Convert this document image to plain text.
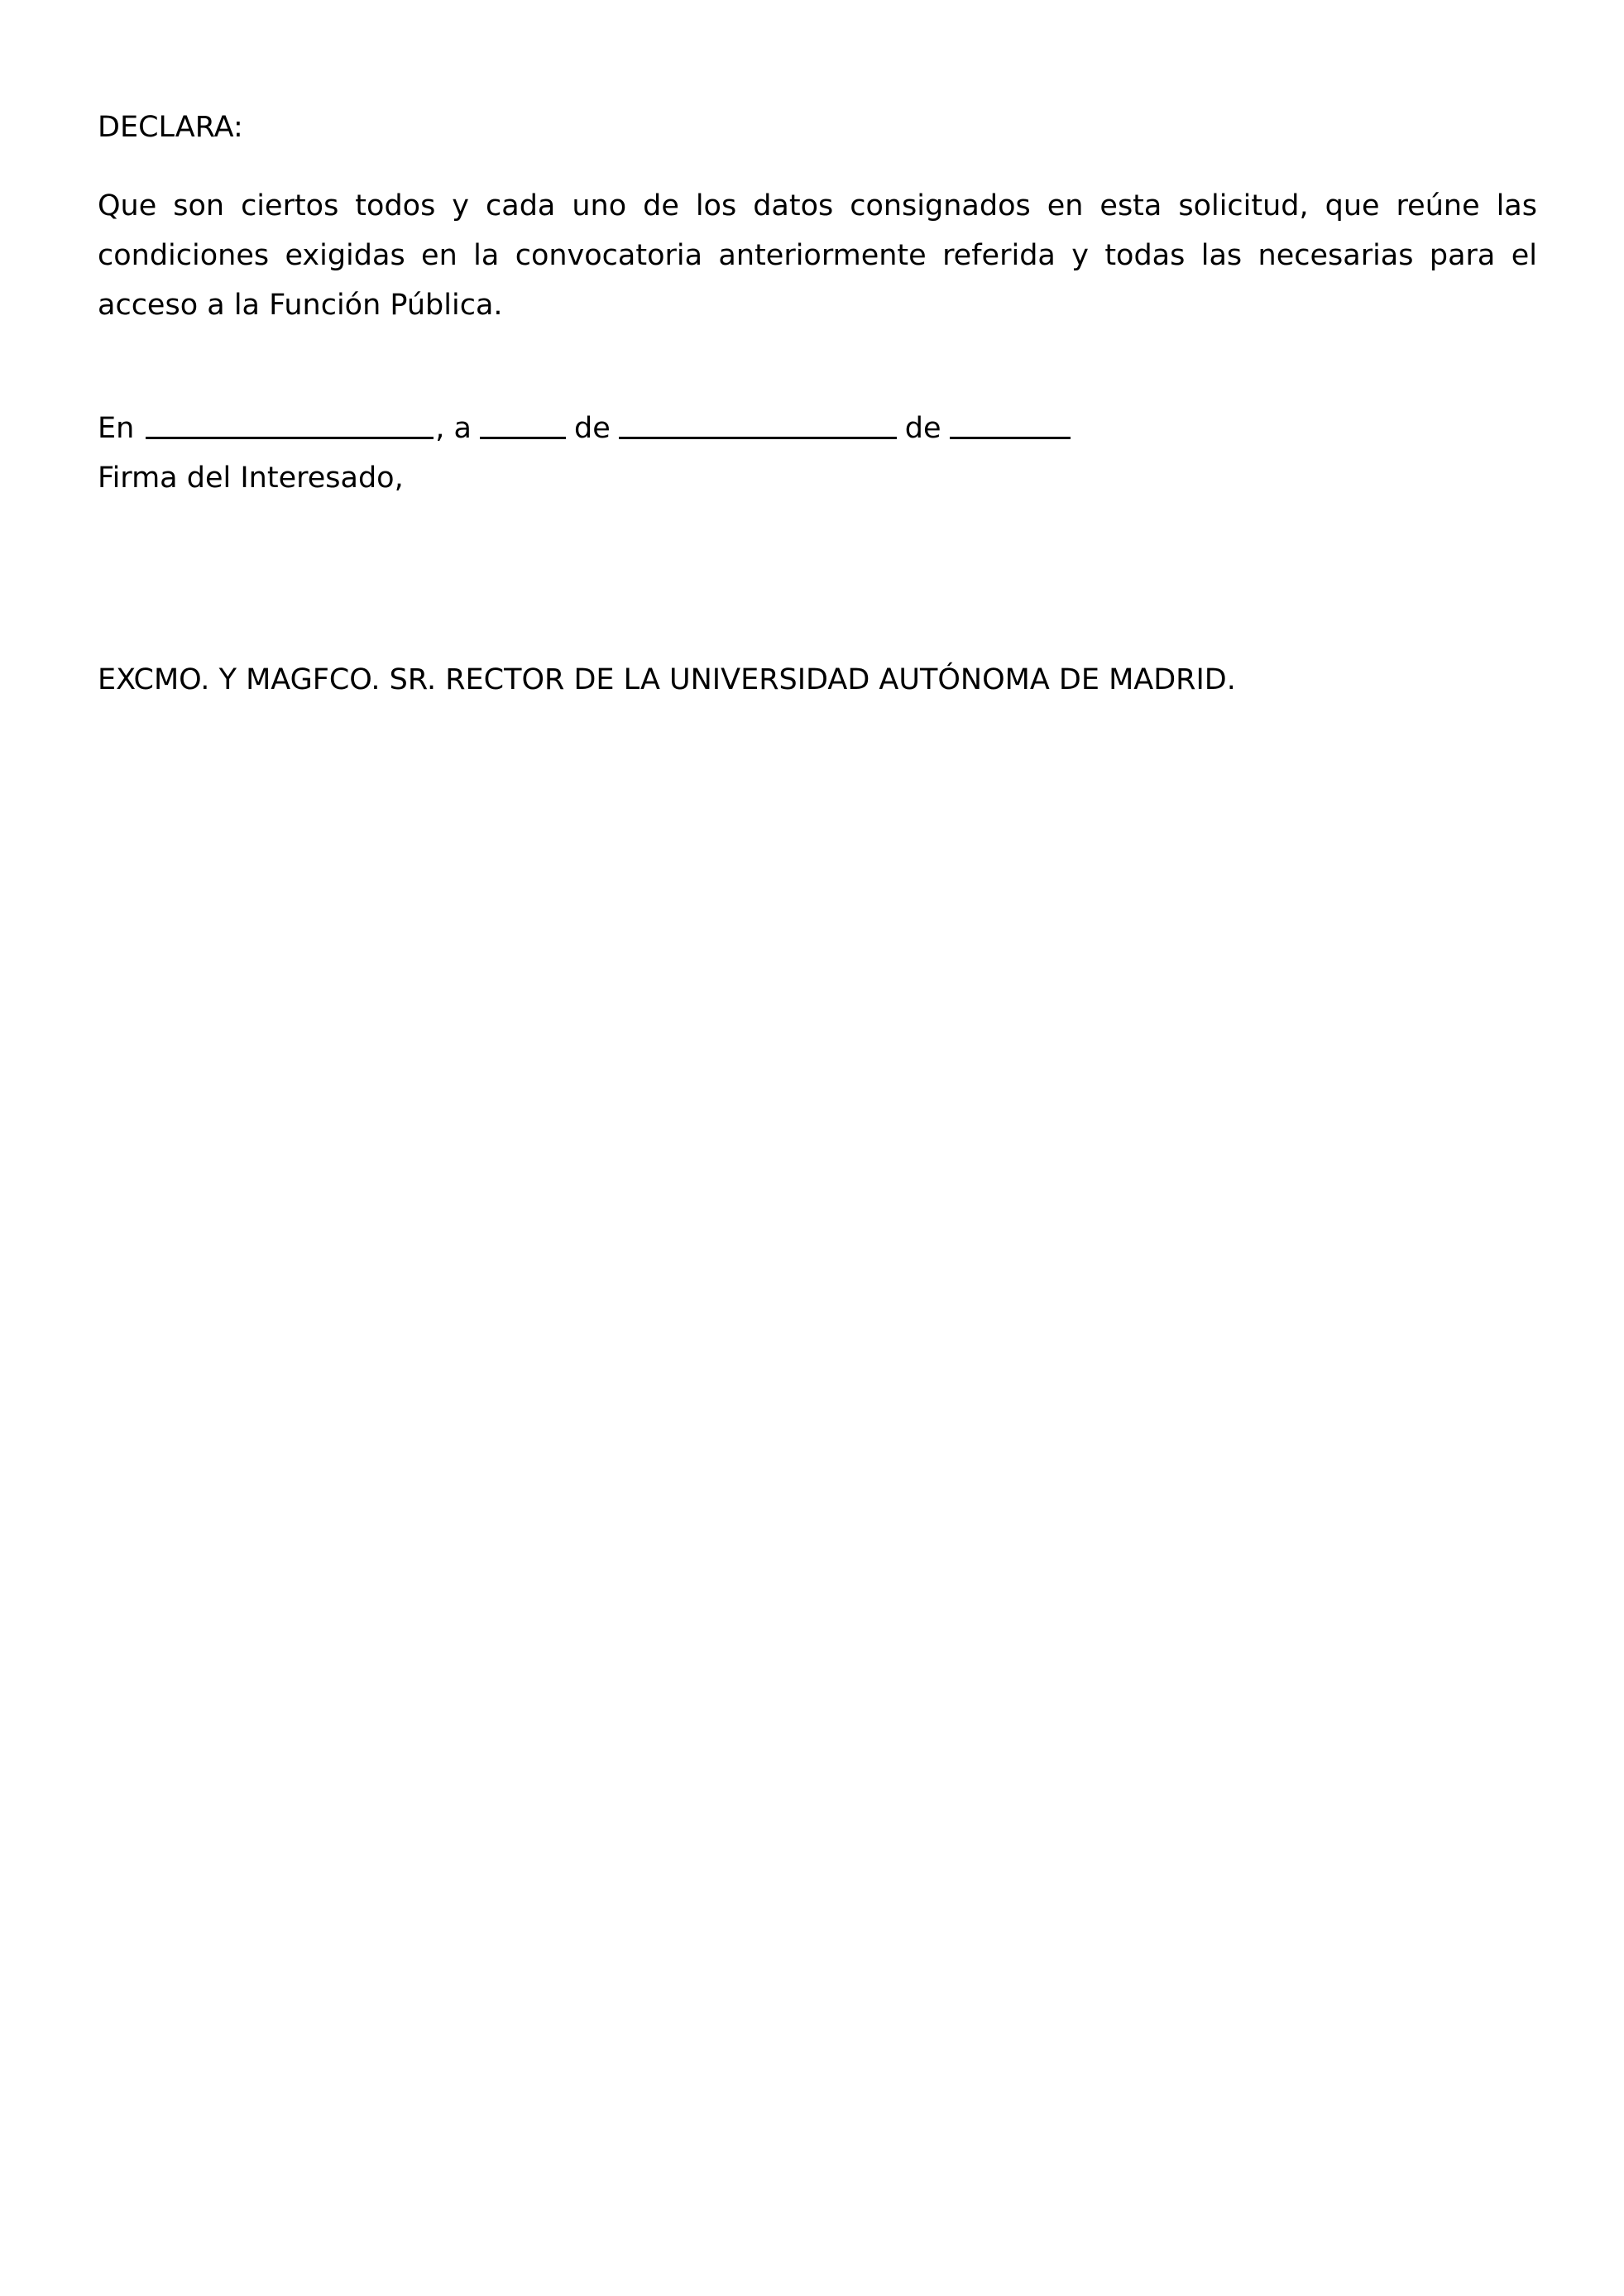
DECLARA:

Que son ciertos todos y cada uno de los datos consignados en esta solicitud, que reúne las condiciones exigidas en la convocatoria anteriormente referida y todas las necesarias para el acceso a la Función Pública.

En	, a	de	de
Firma del Interesado,
EXCMO. Y MAGFCO. SR. RECTOR DE LA UNIVERSIDAD AUTÓNOMA DE MADRID.
